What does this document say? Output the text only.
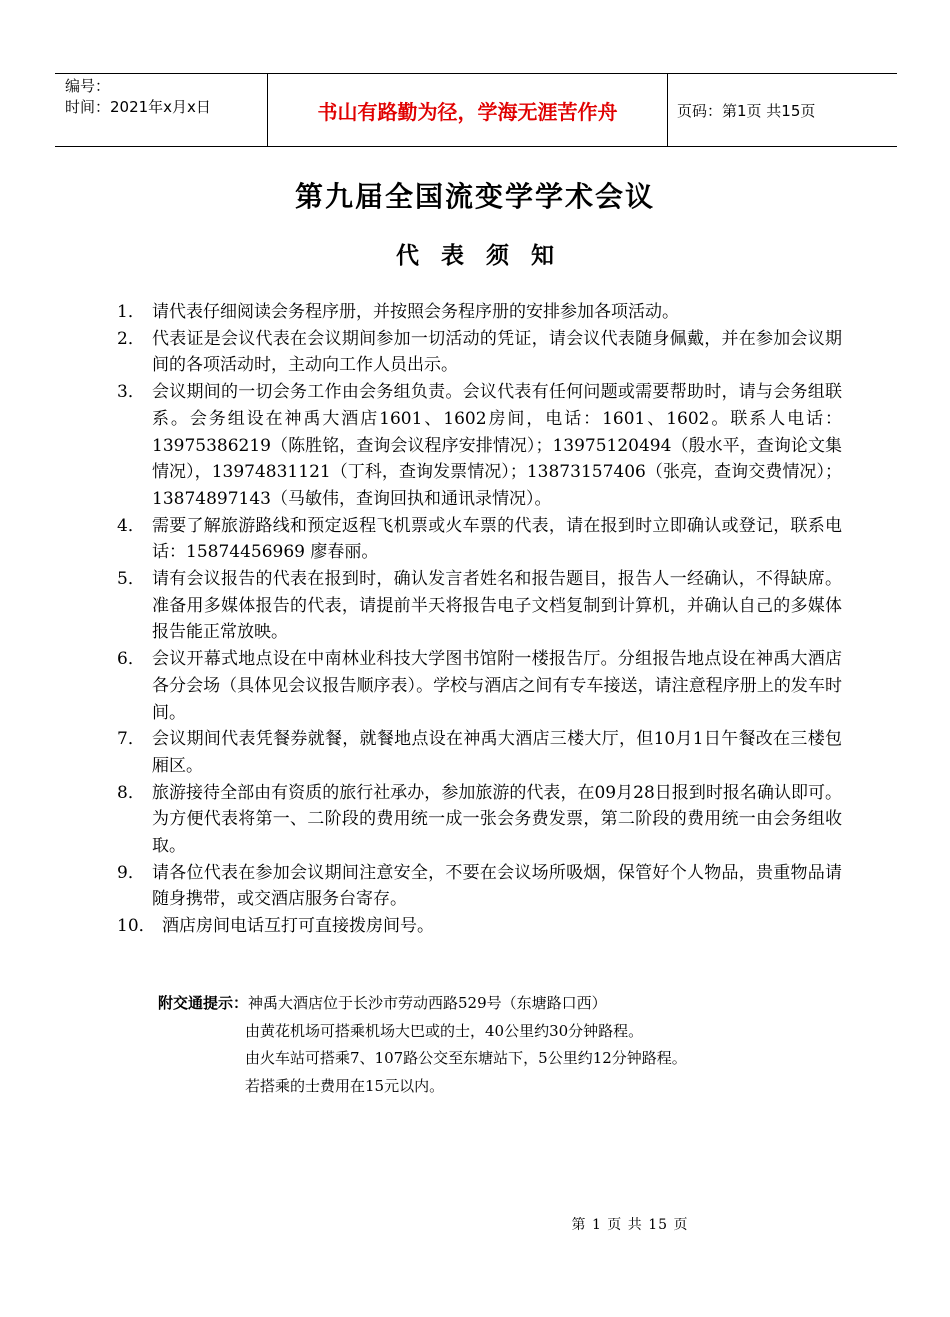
编号：
时间：2021年x月x日	书山有路勤为径，学海无涯苦作舟	页码：第1页 共15页
第九届全国流变学学术会议
代表须知
1． 请代表仔细阅读会务程序册，并按照会务程序册的安排参加各项活动。
2． 代表证是会议代表在会议期间参加一切活动的凭证，请会议代表随身佩戴，并在参加会议期间的各项活动时，主动向工作人员出示。
3． 会议期间的一切会务工作由会务组负责。会议代表有任何问题或需要帮助时，请与会务组联系。会务组设在神禹大酒店1601、1602房间，电话：1601、1602。联系人电话：13975386219（陈胜铭，查询会议程序安排情况）；13975120494（殷水平，查询论文集情况），13974831121（丁科，查询发票情况）；13873157406（张亮，查询交费情况）；13874897143（马敏伟，查询回执和通讯录情况）。
4． 需要了解旅游路线和预定返程飞机票或火车票的代表，请在报到时立即确认或登记，联系电话：15874456969 廖春丽。
5． 请有会议报告的代表在报到时，确认发言者姓名和报告题目，报告人一经确认，不得缺席。准备用多媒体报告的代表，请提前半天将报告电子文档复制到计算机，并确认自己的多媒体报告能正常放映。
6． 会议开幕式地点设在中南林业科技大学图书馆附一楼报告厅。分组报告地点设在神禹大酒店各分会场（具体见会议报告顺序表）。学校与酒店之间有专车接送，请注意程序册上的发车时间。
7． 会议期间代表凭餐券就餐，就餐地点设在神禹大酒店三楼大厅，但10月1日午餐改在三楼包厢区。
8． 旅游接待全部由有资质的旅行社承办，参加旅游的代表，在09月28日报到时报名确认即可。为方便代表将第一、二阶段的费用统一成一张会务费发票，第二阶段的费用统一由会务组收取。
9． 请各位代表在参加会议期间注意安全，不要在会议场所吸烟，保管好个人物品，贵重物品请随身携带，或交酒店服务台寄存。
10． 酒店房间电话互打可直接拨房间号。
附交通提示：神禹大酒店位于长沙市劳动西路529号（东塘路口西）
由黄花机场可搭乘机场大巴或的士，40公里约30分钟路程。
由火车站可搭乘7、107路公交至东塘站下，5公里约12分钟路程。
若搭乘的士费用在15元以内。
第 1 页 共 15 页
